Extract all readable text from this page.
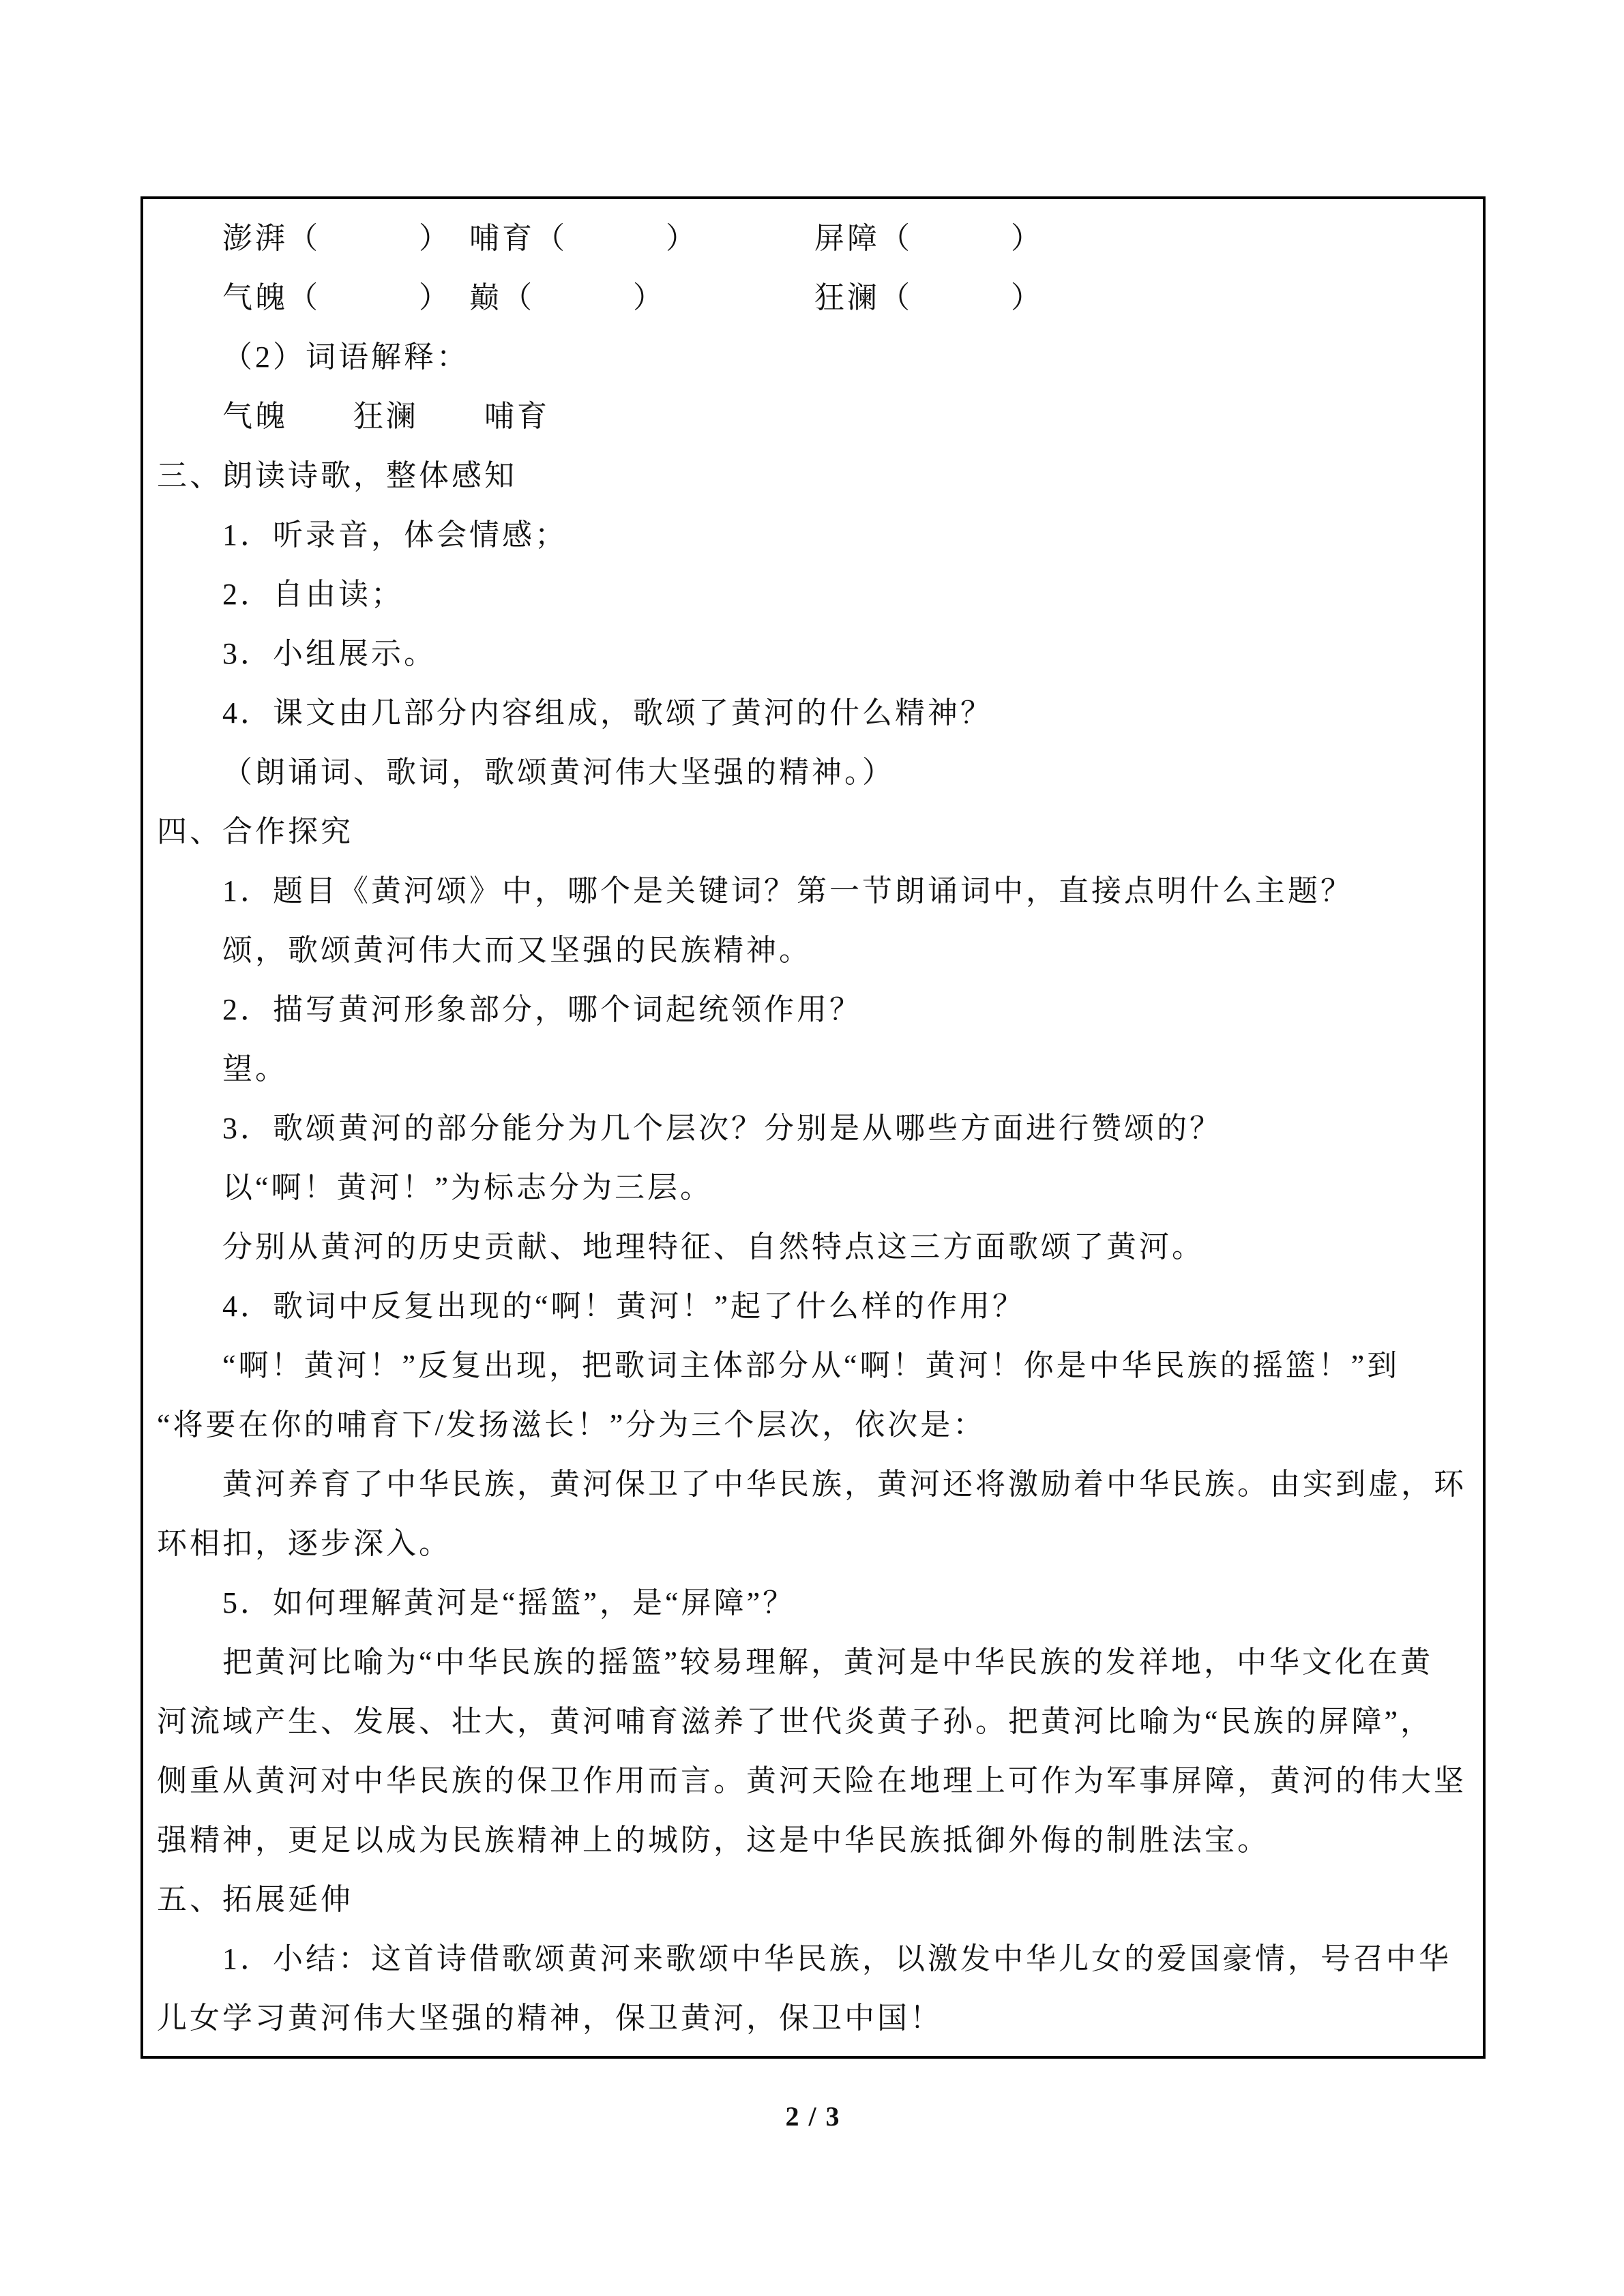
澎湃（　　　）　哺育（　　　）　　　　屏障（　　　）
气魄（　　　）　巅（　　　）　　　　　狂澜（　　　）
（2）词语解释：
气魄　　狂澜　　哺育
三、朗读诗歌，整体感知
1．听录音，体会情感；
2．自由读；
3．小组展示。
4．课文由几部分内容组成，歌颂了黄河的什么精神？
（朗诵词、歌词，歌颂黄河伟大坚强的精神。）
四、合作探究
1．题目《黄河颂》中，哪个是关键词？第一节朗诵词中，直接点明什么主题？
颂，歌颂黄河伟大而又坚强的民族精神。
2．描写黄河形象部分，哪个词起统领作用？
望。
3．歌颂黄河的部分能分为几个层次？分别是从哪些方面进行赞颂的？
以“啊！黄河！”为标志分为三层。
分别从黄河的历史贡献、地理特征、自然特点这三方面歌颂了黄河。
4．歌词中反复出现的“啊！黄河！”起了什么样的作用？
“啊！黄河！”反复出现，把歌词主体部分从“啊！黄河！你是中华民族的摇篮！”到
“将要在你的哺育下/发扬滋长！”分为三个层次，依次是：
黄河养育了中华民族，黄河保卫了中华民族，黄河还将激励着中华民族。由实到虚，环
环相扣，逐步深入。
5．如何理解黄河是“摇篮”，是“屏障”？
把黄河比喻为“中华民族的摇篮”较易理解，黄河是中华民族的发祥地，中华文化在黄
河流域产生、发展、壮大，黄河哺育滋养了世代炎黄子孙。把黄河比喻为“民族的屏障”，
侧重从黄河对中华民族的保卫作用而言。黄河天险在地理上可作为军事屏障，黄河的伟大坚
强精神，更足以成为民族精神上的城防，这是中华民族抵御外侮的制胜法宝。
五、拓展延伸
1．小结：这首诗借歌颂黄河来歌颂中华民族，以激发中华儿女的爱国豪情，号召中华
儿女学习黄河伟大坚强的精神，保卫黄河，保卫中国！
2 / 3
